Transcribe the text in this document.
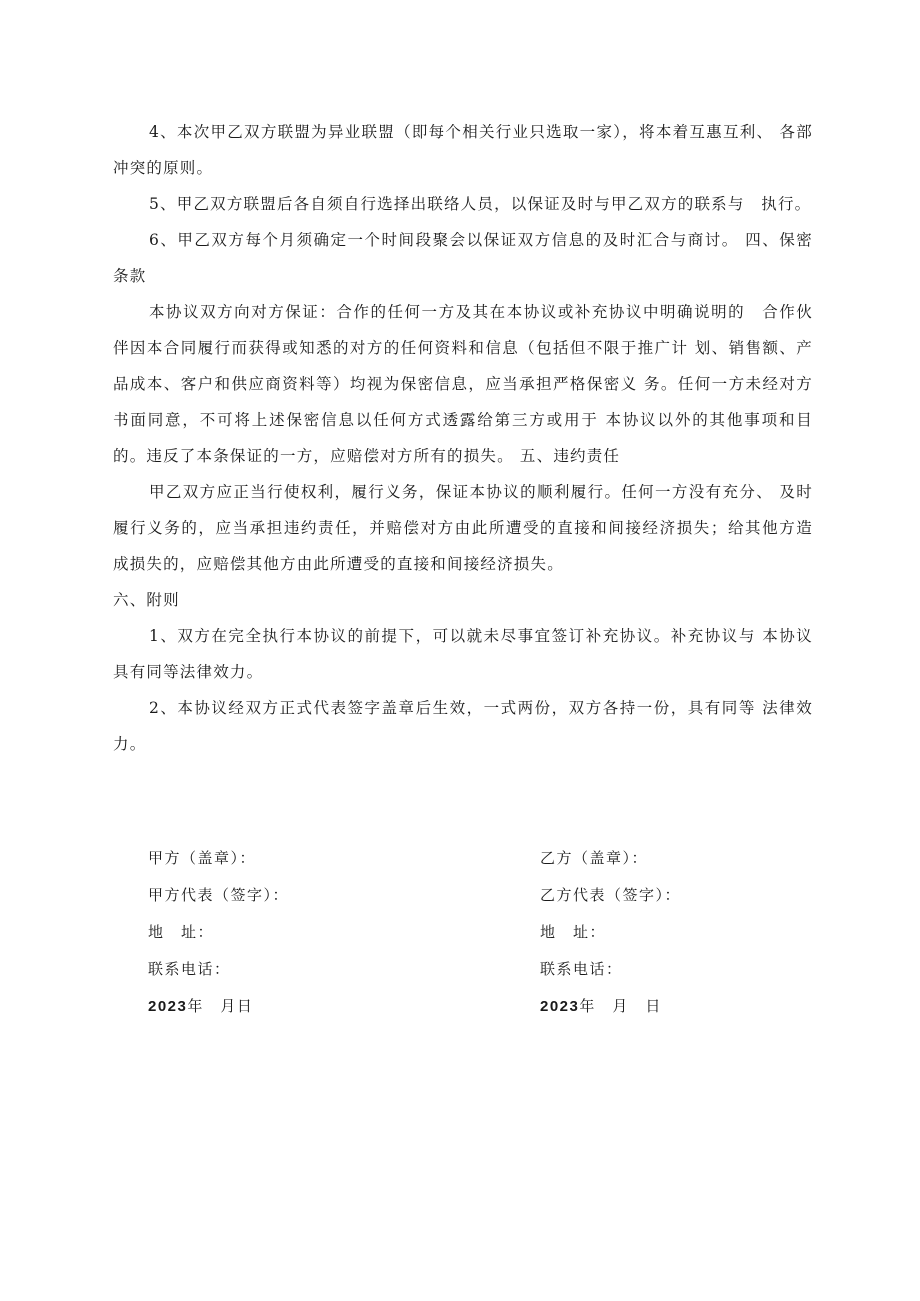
4、本次甲乙双方联盟为异业联盟（即每个相关行业只选取一家），将本着互惠互利、 各部冲突的原则。

5、甲乙双方联盟后各自须自行选择出联络人员，以保证及时与甲乙双方的联系与　执行。

6、甲乙双方每个月须确定一个时间段聚会以保证双方信息的及时汇合与商讨。 四、保密条款

本协议双方向对方保证：合作的任何一方及其在本协议或补充协议中明确说明的　合作伙伴因本合同履行而获得或知悉的对方的任何资料和信息（包括但不限于推广计 划、销售额、产品成本、客户和供应商资料等）均视为保密信息，应当承担严格保密义 务。任何一方未经对方书面同意，不可将上述保密信息以任何方式透露给第三方或用于 本协议以外的其他事项和目的。违反了本条保证的一方，应赔偿对方所有的损失。 五、违约责任

甲乙双方应正当行使权利，履行义务，保证本协议的顺利履行。任何一方没有充分、 及时履行义务的，应当承担违约责任，并赔偿对方由此所遭受的直接和间接经济损失；给其他方造成损失的，应赔偿其他方由此所遭受的直接和间接经济损失。

六、附则

1、双方在完全执行本协议的前提下，可以就未尽事宜签订补充协议。补充协议与 本协议具有同等法律效力。

2、本协议经双方正式代表签字盖章后生效，一式两份，双方各持一份，具有同等 法律效力。

甲方（盖章）：
甲方代表（签字）：
地　址：
联系电话：
2023年　月日
乙方（盖章）：
乙方代表（签字）：
地　址：
联系电话：
2023年　月　日
